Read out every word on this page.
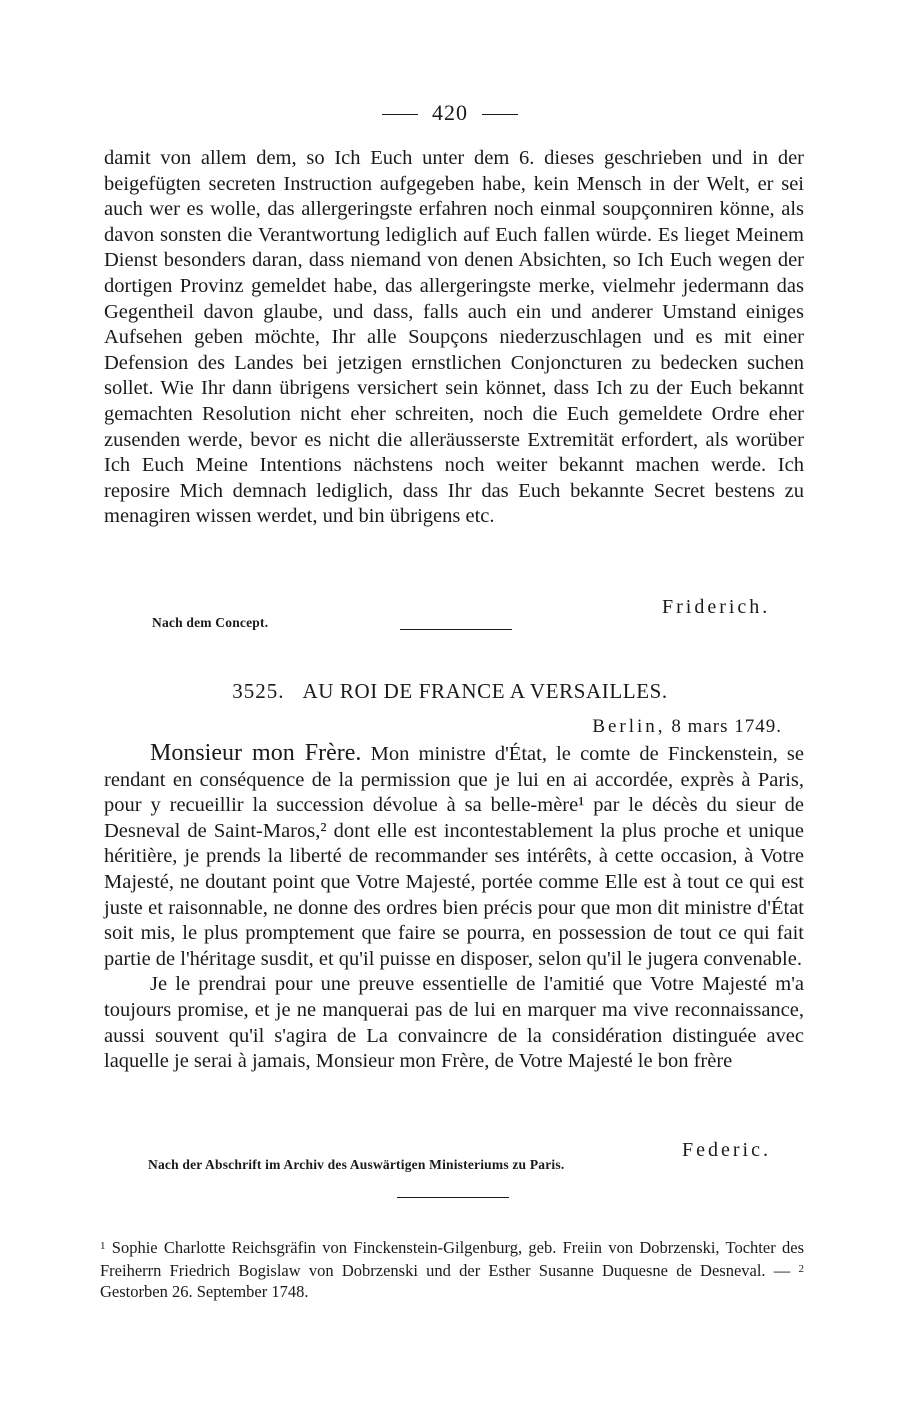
420

damit von allem dem, so Ich Euch unter dem 6. dieses geschrieben und in der beigefügten secreten Instruction aufgegeben habe, kein Mensch in der Welt, er sei auch wer es wolle, das allergeringste erfahren noch einmal soupçonniren könne, als davon sonsten die Verantwortung lediglich auf Euch fallen würde. Es lieget Meinem Dienst besonders daran, dass niemand von denen Absichten, so Ich Euch wegen der dortigen Provinz gemeldet habe, das allergeringste merke, vielmehr jedermann das Gegentheil davon glaube, und dass, falls auch ein und anderer Umstand einiges Aufsehen geben möchte, Ihr alle Soupçons niederzuschlagen und es mit einer Defension des Landes bei jetzigen ernstlichen Conjoncturen zu bedecken suchen sollet. Wie Ihr dann übrigens versichert sein könnet, dass Ich zu der Euch bekannt gemachten Resolution nicht eher schreiten, noch die Euch gemeldete Ordre eher zusenden werde, bevor es nicht die alleräusserste Extremität erfordert, als worüber Ich Euch Meine Intentions nächstens noch weiter bekannt machen werde. Ich reposire Mich demnach lediglich, dass Ihr das Euch bekannte Secret bestens zu menagiren wissen werdet, und bin übrigens etc.

Friderich.
Nach dem Concept.
3525. AU ROI DE FRANCE A VERSAILLES.
Berlin, 8 mars 1749.

Monsieur mon Frère. Mon ministre d'État, le comte de Finckenstein, se rendant en conséquence de la permission que je lui en ai accordée, exprès à Paris, pour y recueillir la succession dévolue à sa belle-mère¹ par le décès du sieur de Desneval de Saint-Maros,² dont elle est incontestablement la plus proche et unique héritière, je prends la liberté de recommander ses intérêts, à cette occasion, à Votre Majesté, ne doutant point que Votre Majesté, portée comme Elle est à tout ce qui est juste et raisonnable, ne donne des ordres bien précis pour que mon dit ministre d'État soit mis, le plus promptement que faire se pourra, en possession de tout ce qui fait partie de l'héritage susdit, et qu'il puisse en disposer, selon qu'il le jugera convenable.

Je le prendrai pour une preuve essentielle de l'amitié que Votre Majesté m'a toujours promise, et je ne manquerai pas de lui en marquer ma vive reconnaissance, aussi souvent qu'il s'agira de La convaincre de la considération distinguée avec laquelle je serai à jamais, Monsieur mon Frère, de Votre Majesté le bon frère

Federic.
Nach der Abschrift im Archiv des Auswärtigen Ministeriums zu Paris.

$^1$ Sophie Charlotte Reichsgräfin von Finckenstein-Gilgenburg, geb. Freiin von Dobrzenski, Tochter des Freiherrn Friedrich Bogislaw von Dobrzenski und der Esther Susanne Duquesne de Desneval. — $^2$ Gestorben 26. September 1748.
